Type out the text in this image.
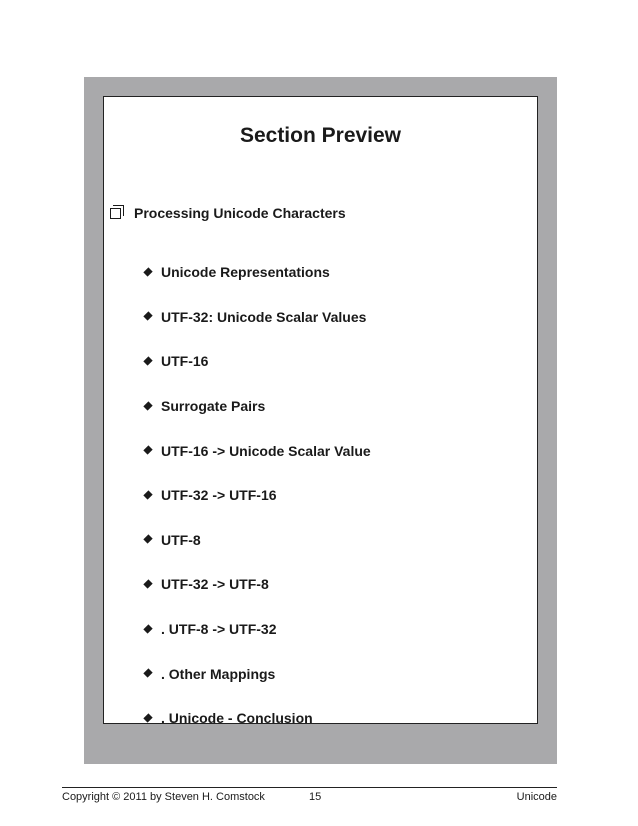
Section Preview
Processing Unicode Characters
Unicode Representations
UTF-32: Unicode Scalar Values
UTF-16
Surrogate Pairs
UTF-16 -> Unicode Scalar Value
UTF-32 -> UTF-16
UTF-8
UTF-32 -> UTF-8
. UTF-8 -> UTF-32
. Other Mappings
. Unicode - Conclusion
Copyright © 2011 by Steven H. Comstock	15	Unicode
